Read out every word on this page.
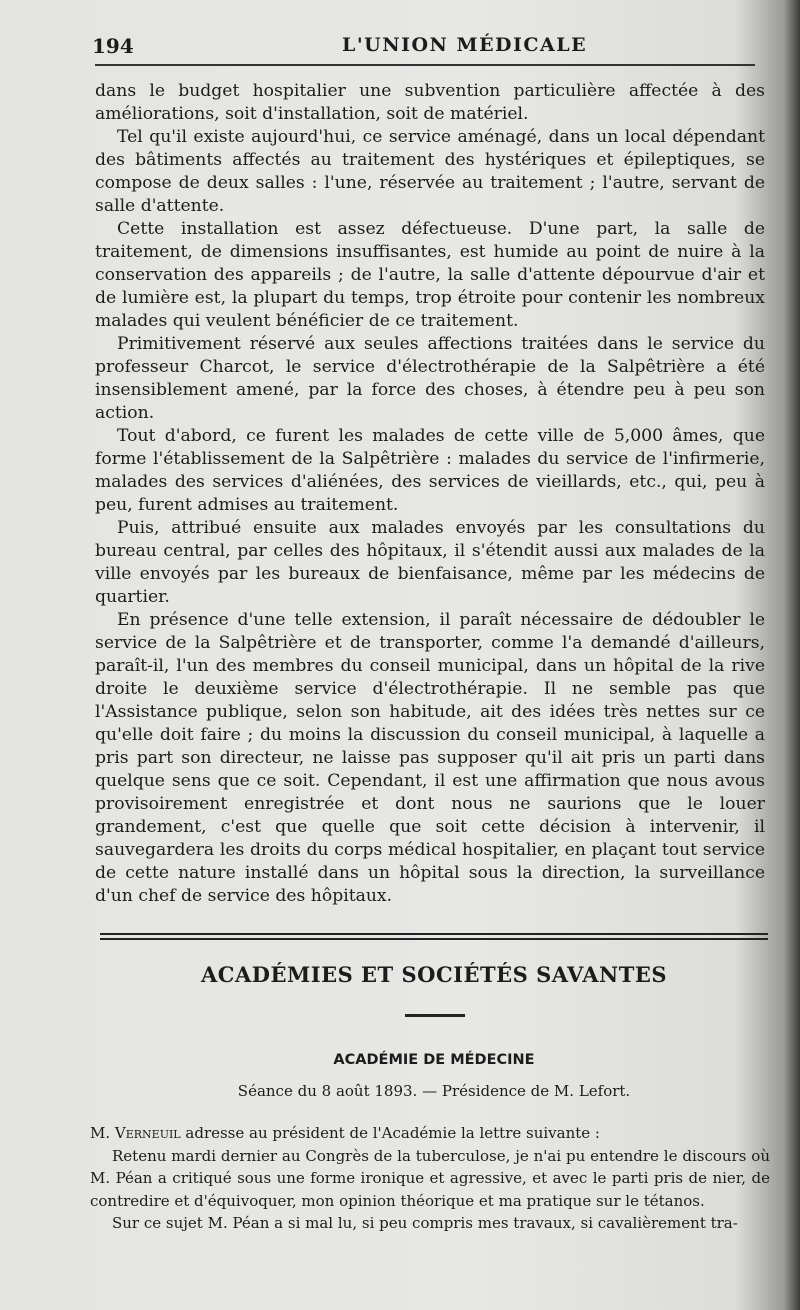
194	L'UNION MÉDICALE

dans le budget hospitalier une subvention particulière affectée à des améliorations, soit d'installation, soit de matériel.

Tel qu'il existe aujourd'hui, ce service aménagé, dans un local dépendant des bâtiments affectés au traitement des hystériques et épileptiques, se compose de deux salles : l'une, réservée au traitement ; l'autre, servant de salle d'attente.

Cette installation est assez défectueuse. D'une part, la salle de traitement, de dimensions insuffisantes, est humide au point de nuire à la conservation des appareils ; de l'autre, la salle d'attente dépourvue d'air et de lumière est, la plupart du temps, trop étroite pour contenir les nombreux malades qui veulent bénéficier de ce traitement.

Primitivement réservé aux seules affections traitées dans le service du professeur Charcot, le service d'électrothérapie de la Salpêtrière a été insensiblement amené, par la force des choses, à étendre peu à peu son action.

Tout d'abord, ce furent les malades de cette ville de 5,000 âmes, que forme l'établissement de la Salpêtrière : malades du service de l'infirmerie, malades des services d'aliénées, des services de vieillards, etc., qui, peu à peu, furent admises au traitement.

Puis, attribué ensuite aux malades envoyés par les consultations du bureau central, par celles des hôpitaux, il s'étendit aussi aux malades de la ville envoyés par les bureaux de bienfaisance, même par les médecins de quartier.

En présence d'une telle extension, il paraît nécessaire de dédoubler le service de la Salpêtrière et de transporter, comme l'a demandé d'ailleurs, paraît-il, l'un des membres du conseil municipal, dans un hôpital de la rive droite le deuxième service d'électrothérapie. Il ne semble pas que l'Assistance publique, selon son habitude, ait des idées très nettes sur ce qu'elle doit faire ; du moins la discussion du conseil municipal, à laquelle a pris part son directeur, ne laisse pas supposer qu'il ait pris un parti dans quelque sens que ce soit. Cependant, il est une affirmation que nous avous provisoirement enregistrée et dont nous ne saurions que le louer grandement, c'est que quelle que soit cette décision à intervenir, il sauvegardera les droits du corps médical hospitalier, en plaçant tout service de cette nature installé dans un hôpital sous la direction, la surveillance d'un chef de service des hôpitaux.

ACADÉMIES ET SOCIÉTÉS SAVANTES
ACADÉMIE DE MÉDECINE
Séance du 8 août 1893. — Présidence de M. Lefort.

M. Verneuil adresse au président de l'Académie la lettre suivante :

Retenu mardi dernier au Congrès de la tuberculose, je n'ai pu entendre le discours où M. Péan a critiqué sous une forme ironique et agressive, et avec le parti pris de nier, de contredire et d'équivoquer, mon opinion théorique et ma pratique sur le tétanos.

Sur ce sujet M. Péan a si mal lu, si peu compris mes travaux, si cavalièrement tra-
